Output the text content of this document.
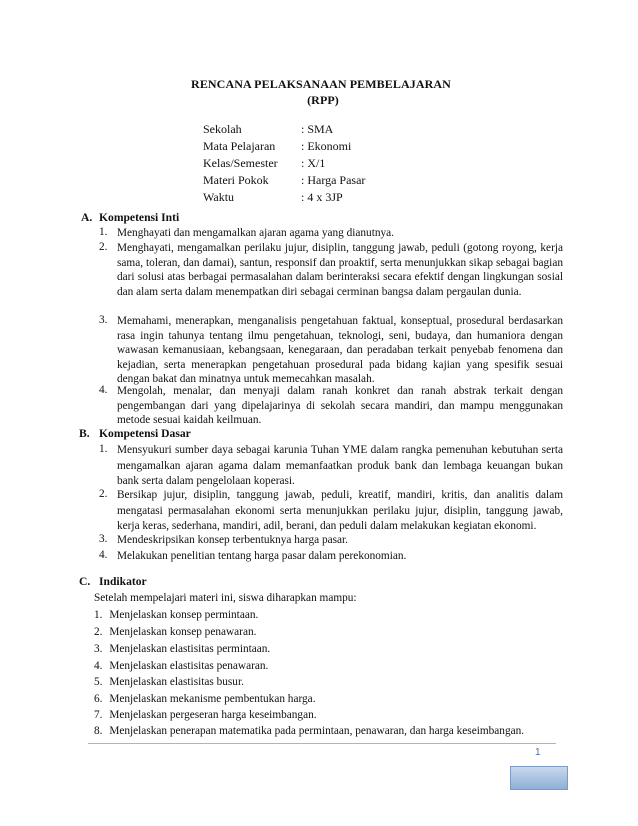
RENCANA PELAKSANAAN PEMBELAJARAN
(RPP)
Sekolah	: SMA
Mata Pelajaran : Ekonomi
Kelas/Semester : X/1
Materi Pokok	: Harga Pasar
Waktu	: 4 x 3JP
A. Kompetensi Inti
1. Menghayati dan mengamalkan ajaran agama yang dianutnya.
2. Menghayati, mengamalkan perilaku jujur, disiplin, tanggung jawab, peduli (gotong royong, kerja sama, toleran, dan damai), santun, responsif dan proaktif, serta menunjukkan sikap sebagai bagian dari solusi atas berbagai permasalahan dalam berinteraksi secara efektif dengan lingkungan sosial dan alam serta dalam menempatkan diri sebagai cerminan bangsa dalam pergaulan dunia.
3. Memahami, menerapkan, menganalisis pengetahuan faktual, konseptual, prosedural berdasarkan rasa ingin tahunya tentang ilmu pengetahuan, teknologi, seni, budaya, dan humaniora dengan wawasan kemanusiaan, kebangsaan, kenegaraan, dan peradaban terkait penyebab fenomena dan kejadian, serta menerapkan pengetahuan prosedural pada bidang kajian yang spesifik sesuai dengan bakat dan minatnya untuk memecahkan masalah.
4. Mengolah, menalar, dan menyaji dalam ranah konkret dan ranah abstrak terkait dengan pengembangan dari yang dipelajarinya di sekolah secara mandiri, dan mampu menggunakan metode sesuai kaidah keilmuan.
B. Kompetensi Dasar
1. Mensyukuri sumber daya sebagai karunia Tuhan YME dalam rangka pemenuhan kebutuhan serta mengamalkan ajaran agama dalam memanfaatkan produk bank dan lembaga keuangan bukan bank serta dalam pengelolaan koperasi.
2. Bersikap jujur, disiplin, tanggung jawab, peduli, kreatif, mandiri, kritis, dan analitis dalam mengatasi permasalahan ekonomi serta menunjukkan perilaku jujur, disiplin, tanggung jawab, kerja keras, sederhana, mandiri, adil, berani, dan peduli dalam melakukan kegiatan ekonomi.
3. Mendeskripsikan konsep terbentuknya harga pasar.
4. Melakukan penelitian tentang harga pasar dalam perekonomian.
C. Indikator
Setelah mempelajari materi ini, siswa diharapkan mampu:
1. Menjelaskan konsep permintaan.
2. Menjelaskan konsep penawaran.
3. Menjelaskan elastisitas permintaan.
4. Menjelaskan elastisitas penawaran.
5. Menjelaskan elastisitas busur.
6. Menjelaskan mekanisme pembentukan harga.
7. Menjelaskan pergeseran harga keseimbangan.
8. Menjelaskan penerapan matematika pada permintaan, penawaran, dan harga keseimbangan.
1
